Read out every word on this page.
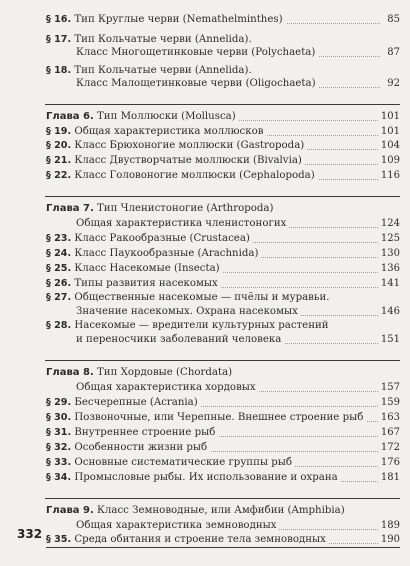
§ 16. Тип Круглые черви (Nemathelminthes)	85
§ 17. Тип Кольчатые черви (Annelida).
Класс Многощетинковые черви (Polychaeta)	87
§ 18. Тип Кольчатые черви (Annelida).
Класс Малощетинковые черви (Oligochaeta)	92
Глава 6. Тип Моллюски (Mollusca)	101
§ 19. Общая характеристика моллюсков	101
§ 20. Класс Брюхоногие моллюски (Gastropoda)	104
§ 21. Класс Двустворчатые моллюски (Bivalvia)	109
§ 22. Класс Головоногие моллюски (Cephalopoda)	116
Глава 7. Тип Членистоногие (Arthropoda)
Общая характеристика членистоногих	124
§ 23. Класс Ракообразные (Crustacea)	125
§ 24. Класс Паукообразные (Arachnida)	130
§ 25. Класс Насекомые (Insecta)	136
§ 26. Типы развития насекомых	141
§ 27. Общественные насекомые — пчёлы и муравьи.
Значение насекомых. Охрана насекомых	146
§ 28. Насекомые — вредители культурных растений
и переносчики заболеваний человека	151
Глава 8. Тип Хордовые (Chordata)
Общая характеристика хордовых	157
§ 29. Бесчерепные (Acrania)	159
§ 30. Позвоночные, или Черепные. Внешнее строение рыб	163
§ 31. Внутреннее строение рыб	167
§ 32. Особенности жизни рыб	172
§ 33. Основные систематические группы рыб	176
§ 34. Промысловые рыбы. Их использование и охрана	181
Глава 9. Класс Земноводные, или Амфибии (Amphibia)
Общая характеристика земноводных	189
§ 35. Среда обитания и строение тела земноводных	190
332
